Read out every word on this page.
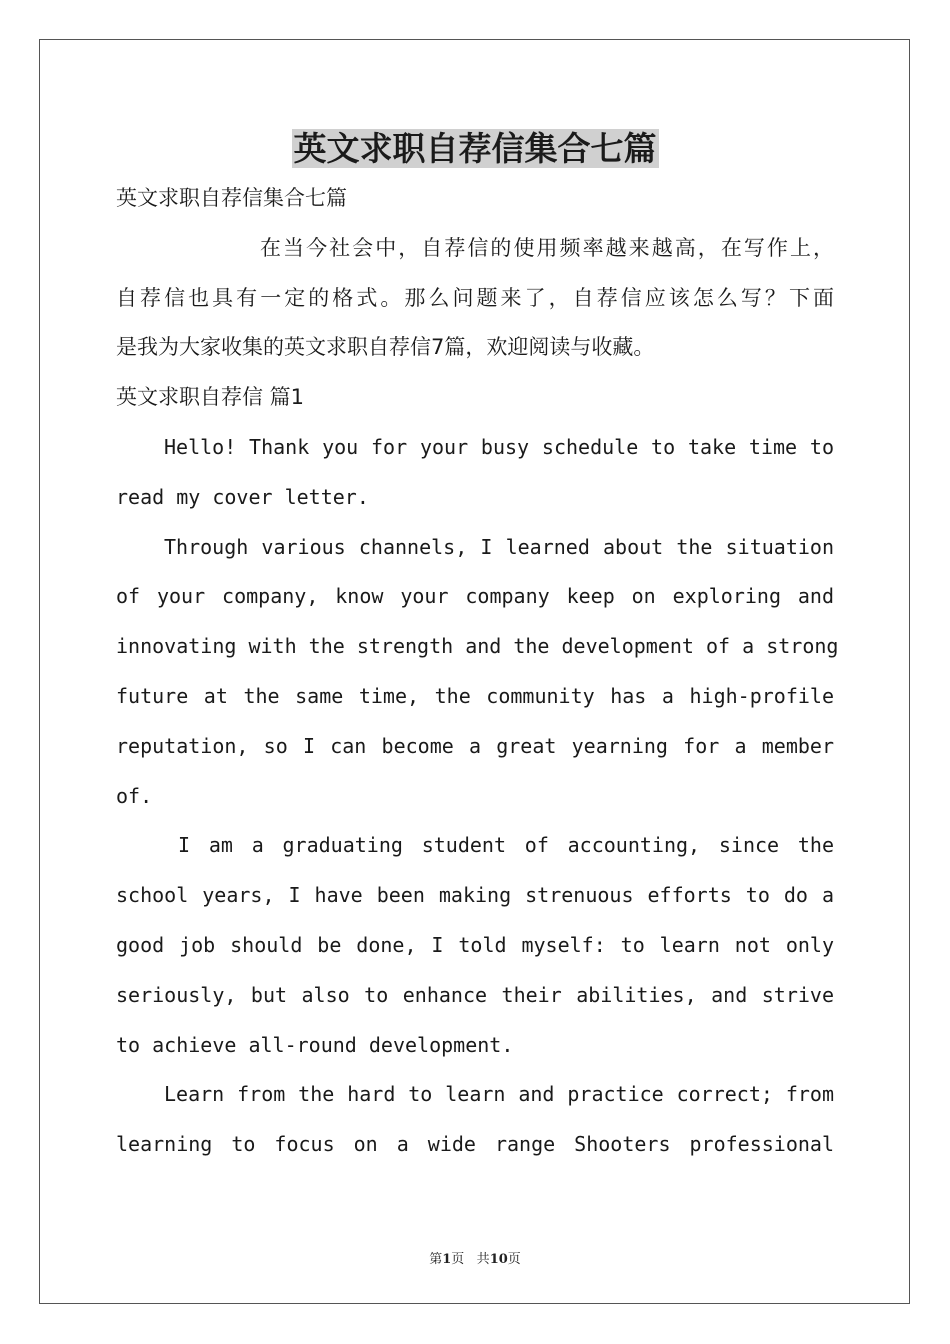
英文求职自荐信集合七篇
英文求职自荐信集合七篇
在当今社会中，自荐信的使用频率越来越高，在写作上，
自荐信也具有一定的格式。那么问题来了，自荐信应该怎么写？下面
是我为大家收集的英文求职自荐信7篇，欢迎阅读与收藏。
英文求职自荐信 篇1
Hello! Thank you for your busy schedule to take time to
read my cover letter.
Through various channels, I learned about the situation
of your company, know your company keep on exploring and
innovating with the strength and the development of a strong
future at the same time, the community has a high-profile
reputation, so I can become a great yearning for a member
of.
I am a graduating student of accounting, since the
school years, I have been making strenuous efforts to do a
good job should be done, I told myself: to learn not only
seriously, but also to enhance their abilities, and strive
to achieve all-round development.
Learn from the hard to learn and practice correct; from
learning to focus on a wide range Shooters professional
第1页 共10页
